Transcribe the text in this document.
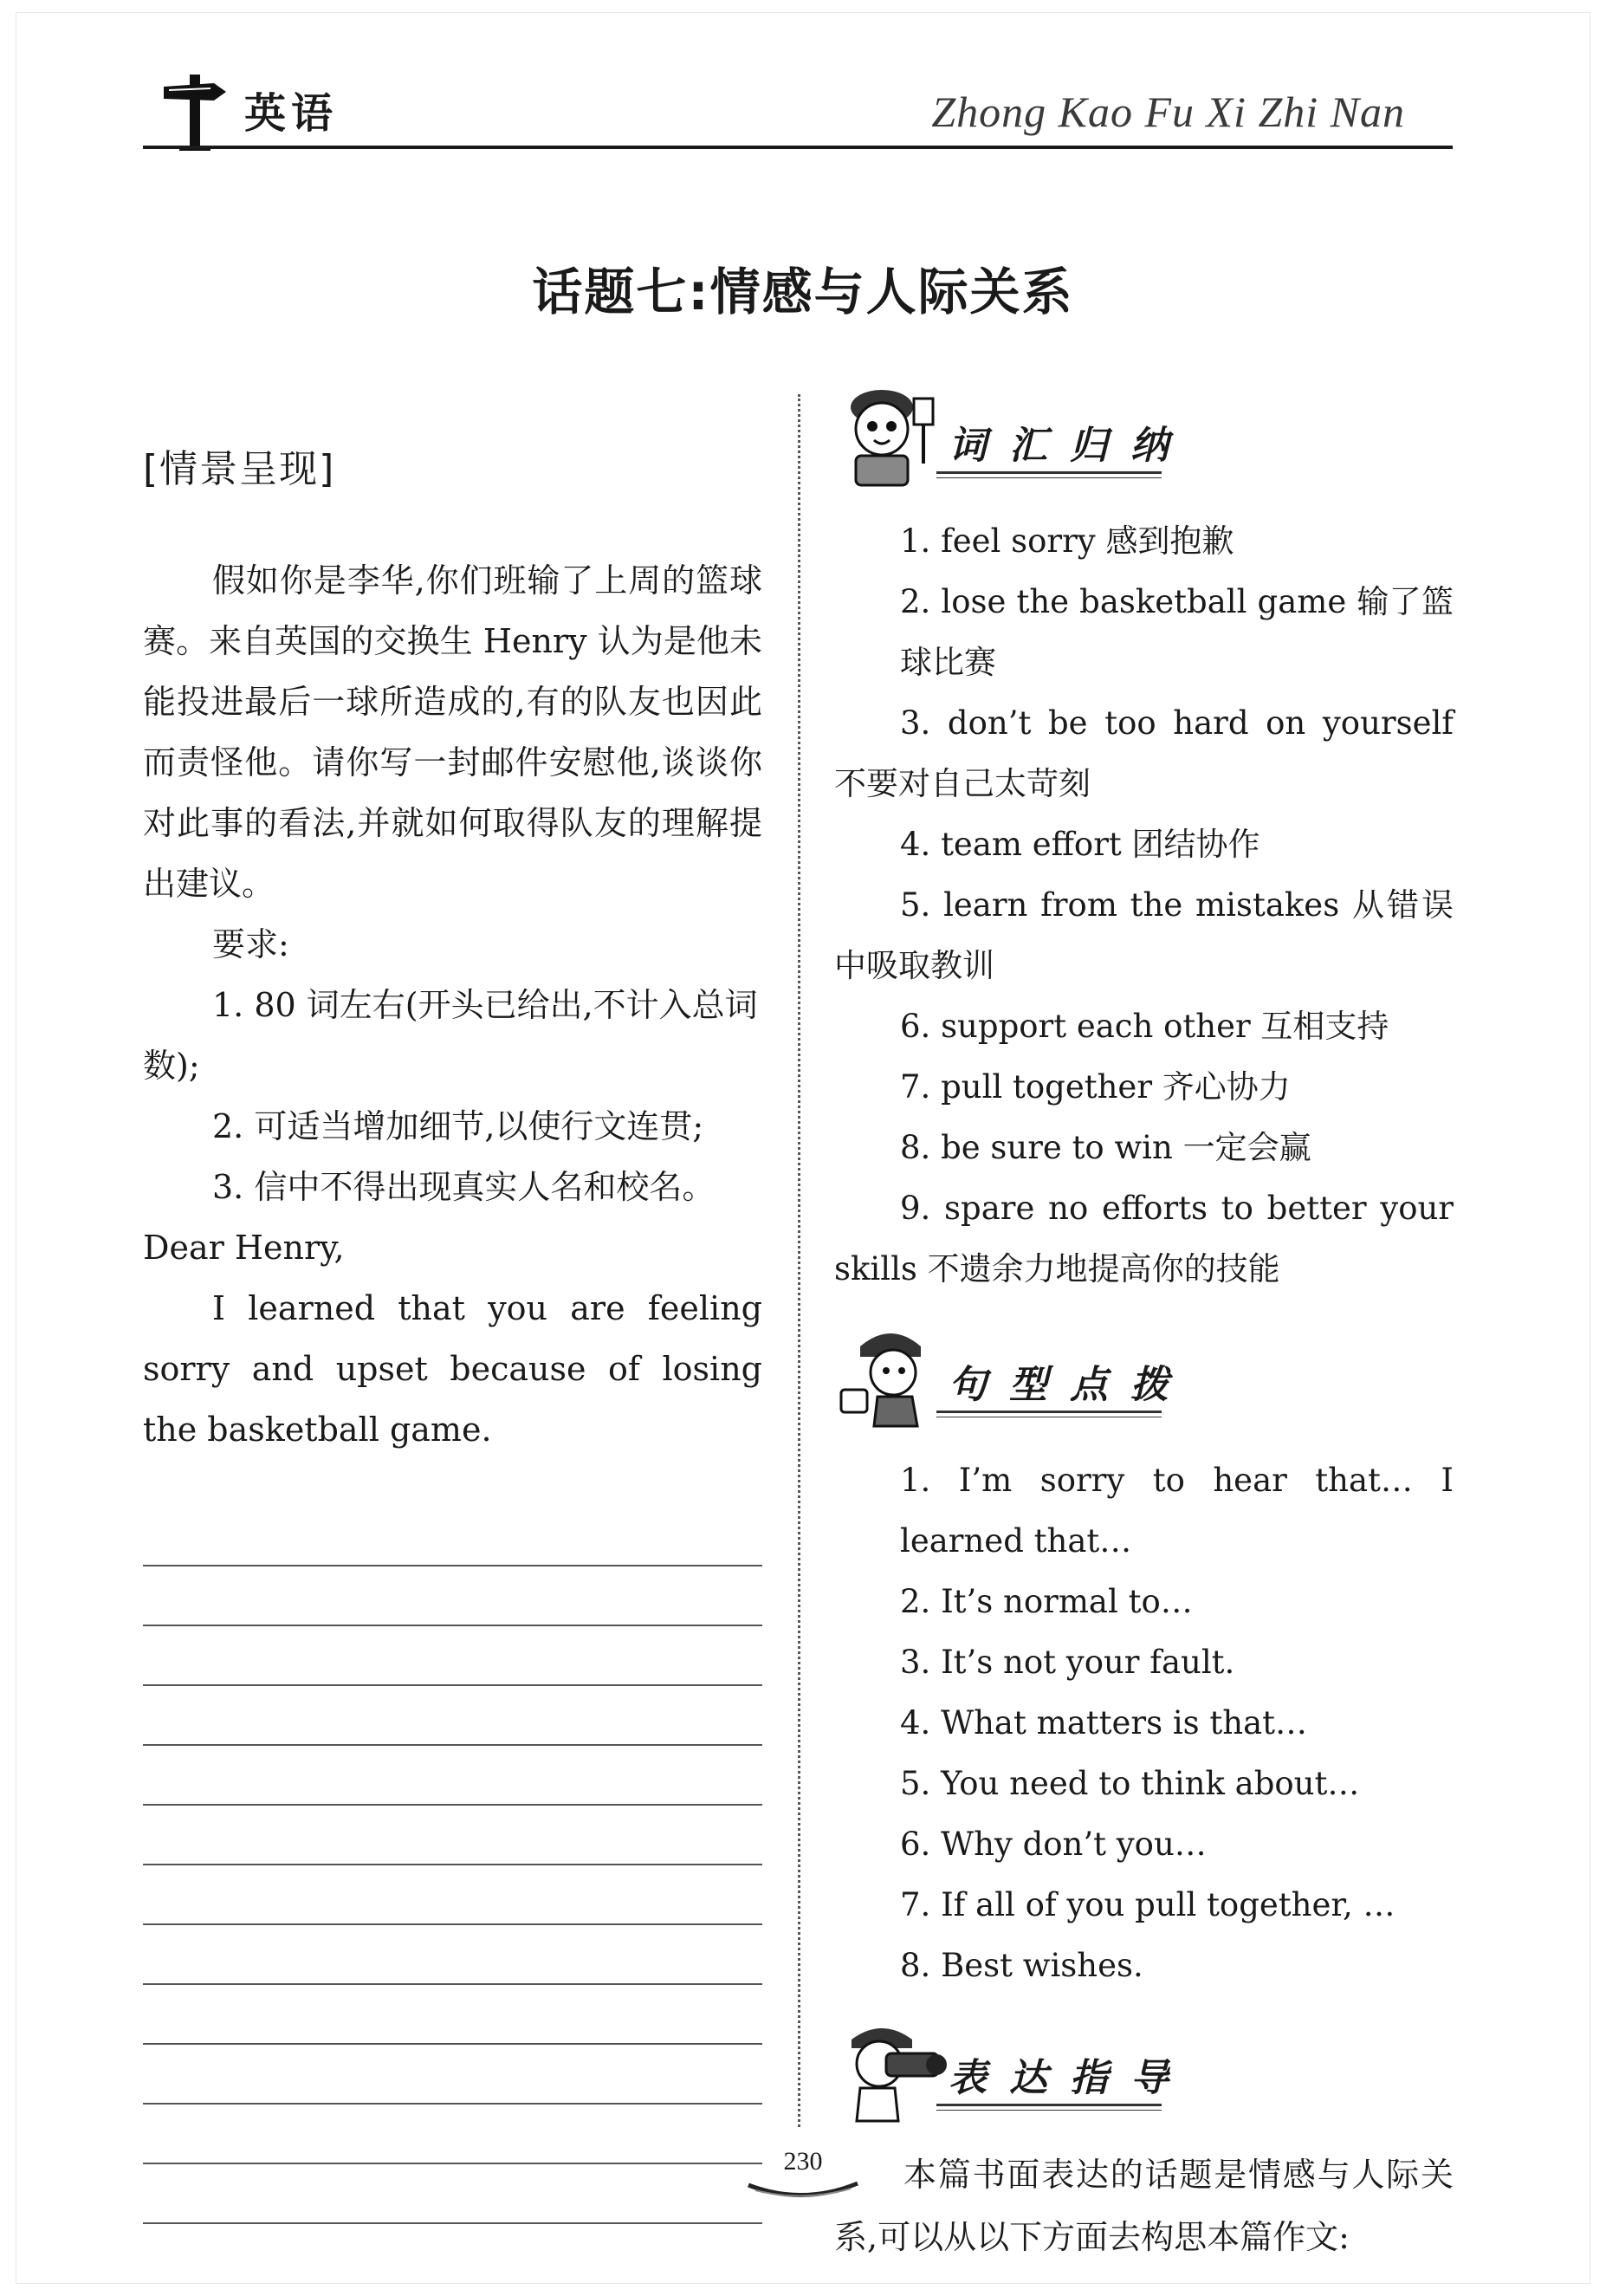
英语	Zhong Kao Fu Xi Zhi Nan
话题七:情感与人际关系
[情景呈现]

假如你是李华,你们班输了上周的篮球赛。来自英国的交换生 Henry 认为是他未能投进最后一球所造成的,有的队友也因此而责怪他。请你写一封邮件安慰他,谈谈你对此事的看法,并就如何取得队友的理解提出建议。

要求:

1. 80 词左右(开头已给出,不计入总词数);

2. 可适当增加细节,以使行文连贯;

3. 信中不得出现真实人名和校名。

Dear Henry,

I learned that you are feeling sorry and upset because of losing the basketball game.

词汇归纳
1. feel sorry 感到抱歉
2. lose the basketball game 输了篮球比赛
3. don’t be too hard on yourself 不要对自己太苛刻
4. team effort 团结协作
5. learn from the mistakes 从错误中吸取教训
6. support each other 互相支持
7. pull together 齐心协力
8. be sure to win 一定会赢
9. spare no efforts to better your skills 不遗余力地提高你的技能
句型点拨
1. I’m sorry to hear that… I learned that…
2. It’s normal to…
3. It’s not your fault.
4. What matters is that…
5. You need to think about…
6. Why don’t you…
7. If all of you pull together, …
8. Best wishes.
表达指导

本篇书面表达的话题是情感与人际关系,可以从以下方面去构思本篇作文:

230
